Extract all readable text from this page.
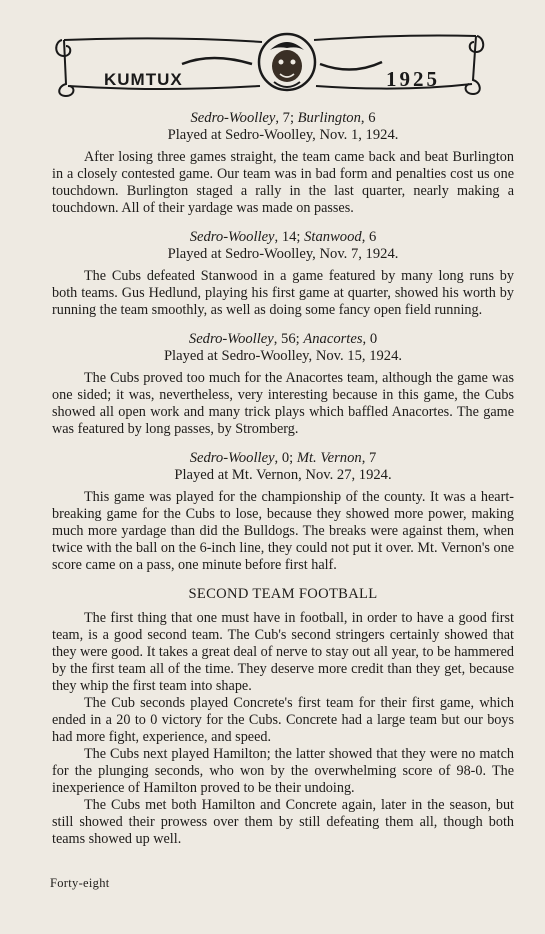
KUMTUX	1925
Sedro-Woolley, 7; Burlington, 6
Played at Sedro-Woolley, Nov. 1, 1924.

After losing three games straight, the team came back and beat Burlington in a closely contested game. Our team was in bad form and penalties cost us one touchdown. Burlington staged a rally in the last quarter, nearly making a touchdown. All of their yardage was made on passes.

Sedro-Woolley, 14; Stanwood, 6
Played at Sedro-Woolley, Nov. 7, 1924.

The Cubs defeated Stanwood in a game featured by many long runs by both teams. Gus Hedlund, playing his first game at quarter, showed his worth by running the team smoothly, as well as doing some fancy open field running.

Sedro-Woolley, 56; Anacortes, 0
Played at Sedro-Woolley, Nov. 15, 1924.

The Cubs proved too much for the Anacortes team, although the game was one sided; it was, nevertheless, very interesting because in this game, the Cubs showed all open work and many trick plays which baffled Anacortes. The game was featured by long passes, by Stromberg.

Sedro-Woolley, 0; Mt. Vernon, 7
Played at Mt. Vernon, Nov. 27, 1924.

This game was played for the championship of the county. It was a heart-breaking game for the Cubs to lose, because they showed more power, making much more yardage than did the Bulldogs. The breaks were against them, when twice with the ball on the 6-inch line, they could not put it over. Mt. Vernon's one score came on a pass, one minute before first half.

SECOND TEAM FOOTBALL

The first thing that one must have in football, in order to have a good first team, is a good second team. The Cub's second stringers certainly showed that they were good. It takes a great deal of nerve to stay out all year, to be hammered by the first team all of the time. They deserve more credit than they get, because they whip the first team into shape.

The Cub seconds played Concrete's first team for their first game, which ended in a 20 to 0 victory for the Cubs. Concrete had a large team but our boys had more fight, experience, and speed.

The Cubs next played Hamilton; the latter showed that they were no match for the plunging seconds, who won by the overwhelming score of 98-0. The inexperience of Hamilton proved to be their undoing.

The Cubs met both Hamilton and Concrete again, later in the season, but still showed their prowess over them by still defeating them all, though both teams showed up well.

Forty-eight
